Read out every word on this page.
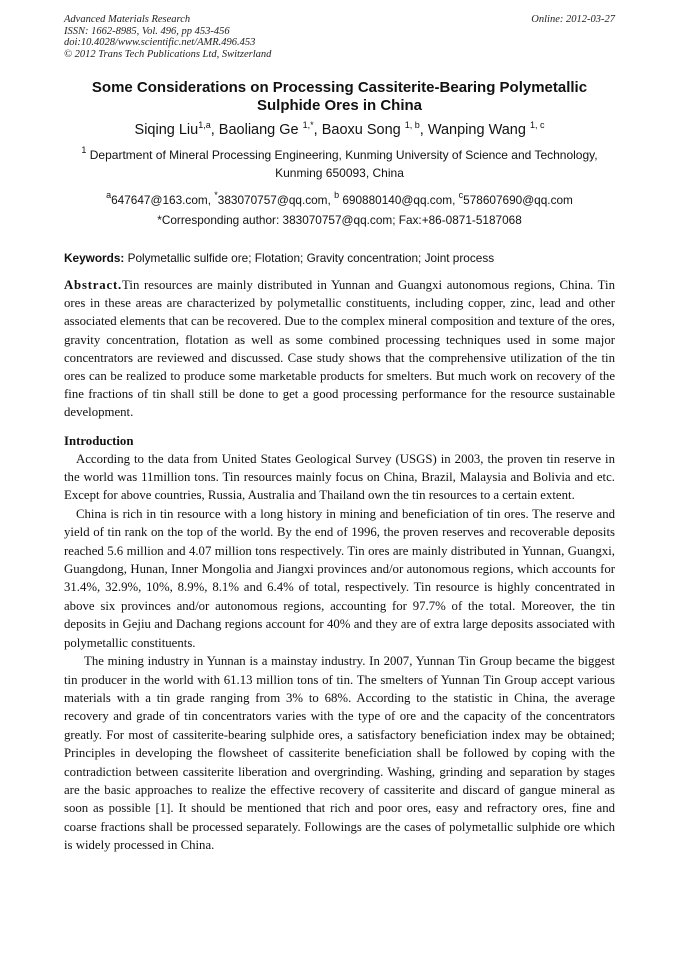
Advanced Materials Research
ISSN: 1662-8985, Vol. 496, pp 453-456
doi:10.4028/www.scientific.net/AMR.496.453
© 2012 Trans Tech Publications Ltd, Switzerland
Online: 2012-03-27
Some Considerations on Processing Cassiterite-Bearing Polymetallic Sulphide Ores in China
Siqing Liu$^{1,a}$, Baoliang Ge $^{1,*}$, Baoxu Song $^{1, b}$, Wanping Wang $^{1, c}$
$^1$ Department of Mineral Processing Engineering, Kunming University of Science and Technology, Kunming 650093, China
$^a$647647@163.com, *383070757@qq.com, $^b$ 690880140@qq.com, $^c$578607690@qq.com
*Corresponding author: 383070757@qq.com; Fax:+86-0871-5187068
Keywords: Polymetallic sulfide ore; Flotation; Gravity concentration; Joint process
Abstract.Tin resources are mainly distributed in Yunnan and Guangxi autonomous regions, China. Tin ores in these areas are characterized by polymetallic constituents, including copper, zinc, lead and other associated elements that can be recovered. Due to the complex mineral composition and texture of the ores, gravity concentration, flotation as well as some combined processing techniques used in some major concentrators are reviewed and discussed. Case study shows that the comprehensive utilization of the tin ores can be realized to produce some marketable products for smelters. But much work on recovery of the fine fractions of tin shall still be done to get a good processing performance for the resource sustainable development.
Introduction

According to the data from United States Geological Survey (USGS) in 2003, the proven tin reserve in the world was 11million tons. Tin resources mainly focus on China, Brazil, Malaysia and Bolivia and etc. Except for above countries, Russia, Australia and Thailand own the tin resources to a certain extent.

China is rich in tin resource with a long history in mining and beneficiation of tin ores. The reserve and yield of tin rank on the top of the world. By the end of 1996, the proven reserves and recoverable deposits reached 5.6 million and 4.07 million tons respectively. Tin ores are mainly distributed in Yunnan, Guangxi, Guangdong, Hunan, Inner Mongolia and Jiangxi provinces and/or autonomous regions, which accounts for 31.4%, 32.9%, 10%, 8.9%, 8.1% and 6.4% of total, respectively. Tin resource is highly concentrated in above six provinces and/or autonomous regions, accounting for 97.7% of the total. Moreover, the tin deposits in Gejiu and Dachang regions account for 40% and they are of extra large deposits associated with polymetallic constituents.

The mining industry in Yunnan is a mainstay industry. In 2007, Yunnan Tin Group became the biggest tin producer in the world with 61.13 million tons of tin. The smelters of Yunnan Tin Group accept various materials with a tin grade ranging from 3% to 68%. According to the statistic in China, the average recovery and grade of tin concentrators varies with the type of ore and the capacity of the concentrators greatly. For most of cassiterite-bearing sulphide ores, a satisfactory beneficiation index may be obtained; Principles in developing the flowsheet of cassiterite beneficiation shall be followed by coping with the contradiction between cassiterite liberation and overgrinding. Washing, grinding and separation by stages are the basic approaches to realize the effective recovery of cassiterite and discard of gangue mineral as soon as possible [1]. It should be mentioned that rich and poor ores, easy and refractory ores, fine and coarse fractions shall be processed separately. Followings are the cases of polymetallic sulphide ore which is widely processed in China.
